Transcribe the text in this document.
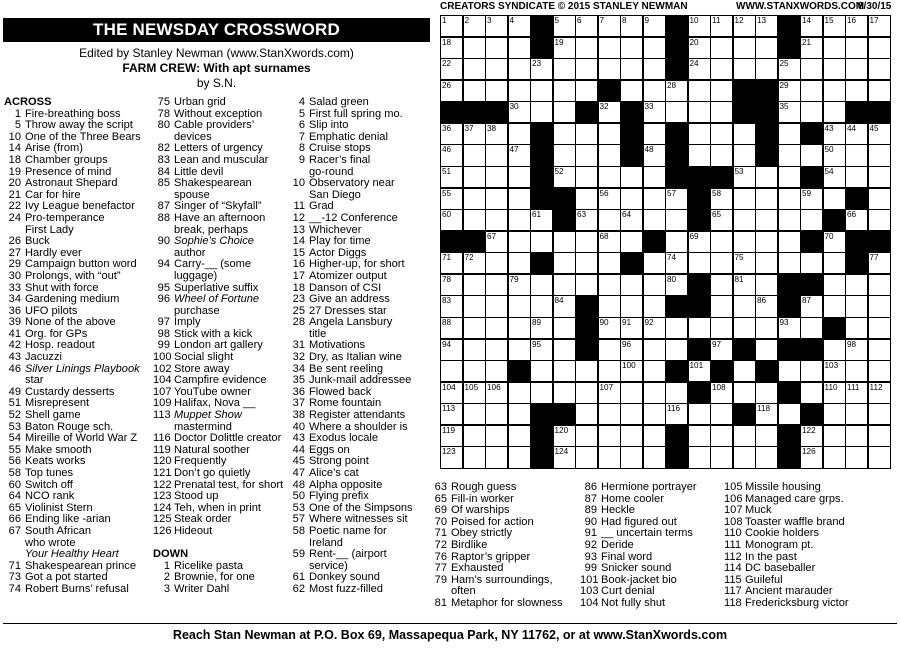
CREATORS SYNDICATE © 2015 STANLEY NEWMAN	WWW.STANXWORDS.COM
8/30/15
THE NEWSDAY CROSSWORD
Edited by Stanley Newman (www.StanXwords.com)
FARM CREW: With apt surnames
by S.N.
ACROSS
1 Fire-breathing boss
5 Throw away the script
10 One of the Three Bears
14 Arise (from)
18 Chamber groups
19 Presence of mind
20 Astronaut Shepard
21 Car for hire
22 Ivy League benefactor
24 Pro-temperance
First Lady
26 Buck
27 Hardly ever
29 Campaign button word
30 Prolongs, with “out”
33 Shut with force
34 Gardening medium
36 UFO pilots
39 None of the above
41 Org. for GPs
42 Hosp. readout
43 Jacuzzi
46 Silver Linings Playbook
star
49 Custardy desserts
51 Misrepresent
52 Shell game
53 Baton Rouge sch.
54 Mireille of World War Z
55 Make smooth
56 Keats works
58 Top tunes
60 Switch off
64 NCO rank
65 Violinist Stern
66 Ending like -arian
67 South African
who wrote
Your Healthy Heart
71 Shakespearean prince
73 Got a pot started
74 Robert Burns’ refusal
75 Urban grid
78 Without exception
80 Cable providers’
devices
82 Letters of urgency
83 Lean and muscular
84 Little devil
85 Shakespearean
spouse
87 Singer of “Skyfall”
88 Have an afternoon
break, perhaps
90 Sophie’s Choice
author
94 Carry-__ (some
luggage)
95 Superlative suffix
96 Wheel of Fortune
purchase
97 Imply
98 Stick with a kick
99 London art gallery
100 Social slight
102 Store away
104 Campfire evidence
107 YouTube owner
109 Halifax, Nova __
113 Muppet Show
mastermind
116 Doctor Dolittle creator
119 Natural soother
120 Frequently
121 Don’t go quietly
122 Prenatal test, for short
123 Stood up
124 Teh, when in print
125 Steak order
126 Hideout
DOWN
1 Ricelike pasta
2 Brownie, for one
3 Writer Dahl
4 Salad green
5 First full spring mo.
6 Slip into
7 Emphatic denial
8 Cruise stops
9 Racer’s final
go-round
10 Observatory near
San Diego
11 Grad
12 __-12 Conference
13 Whichever
14 Play for time
15 Actor Diggs
16 Higher-up, for short
17 Atomizer output
18 Danson of CSI
23 Give an address
25 27 Dresses star
28 Angela Lansbury
title
31 Motivations
32 Dry, as Italian wine
34 Be sent reeling
35 Junk-mail addressee
36 Flowed back
37 Rome fountain
38 Register attendants
40 Where a shoulder is
43 Exodus locale
44 Eggs on
45 Strong point
47 Alice’s cat
48 Alpha opposite
50 Flying prefix
53 One of the Simpsons
57 Where witnesses sit
58 Poetic name for
Ireland
59 Rent-__ (airport
service)
61 Donkey sound
62 Most fuzz-filled
63 Rough guess
65 Fill-in worker
69 Of warships
70 Poised for action
71 Obey strictly
72 Birdlike
76 Raptor’s gripper
77 Exhausted
79 Ham’s surroundings,
often
81 Metaphor for slowness
86 Hermione portrayer
87 Home cooler
89 Heckle
90 Had figured out
91 __ uncertain terms
92 Deride
93 Final word
99 Snicker sound
101 Book-jacket bio
103 Curt denial
104 Not fully shut
105 Missile housing
106 Managed care grps.
107 Muck
108 Toaster waffle brand
110 Cookie holders
111 Monogram pt.
112 In the past
114 DC baseballer
115 Guileful
117 Ancient marauder
118 Fredericksburg victor
1 2 3 4	5 6 7 8 9	10 11 12 13	14 15 16 17
18	19	20	21
22	23	24	25
26	28	29
30	32	33	35
36 37 38	43 44 45
46	47	48	50
51	52	53	54
55	56	57	58	59
60	61	63	64	65	66
67	68	69	70
71 72	74	75	77
78	79	80	81
83	84	86	87
88	89	90 91 92	93
94	95	96	97	98
100	101	103
104 105 106	107	108	110 111 112
113	116	118
119	120	122
123	124	126
Reach Stan Newman at P.O. Box 69, Massapequa Park, NY 11762, or at www.StanXwords.com
